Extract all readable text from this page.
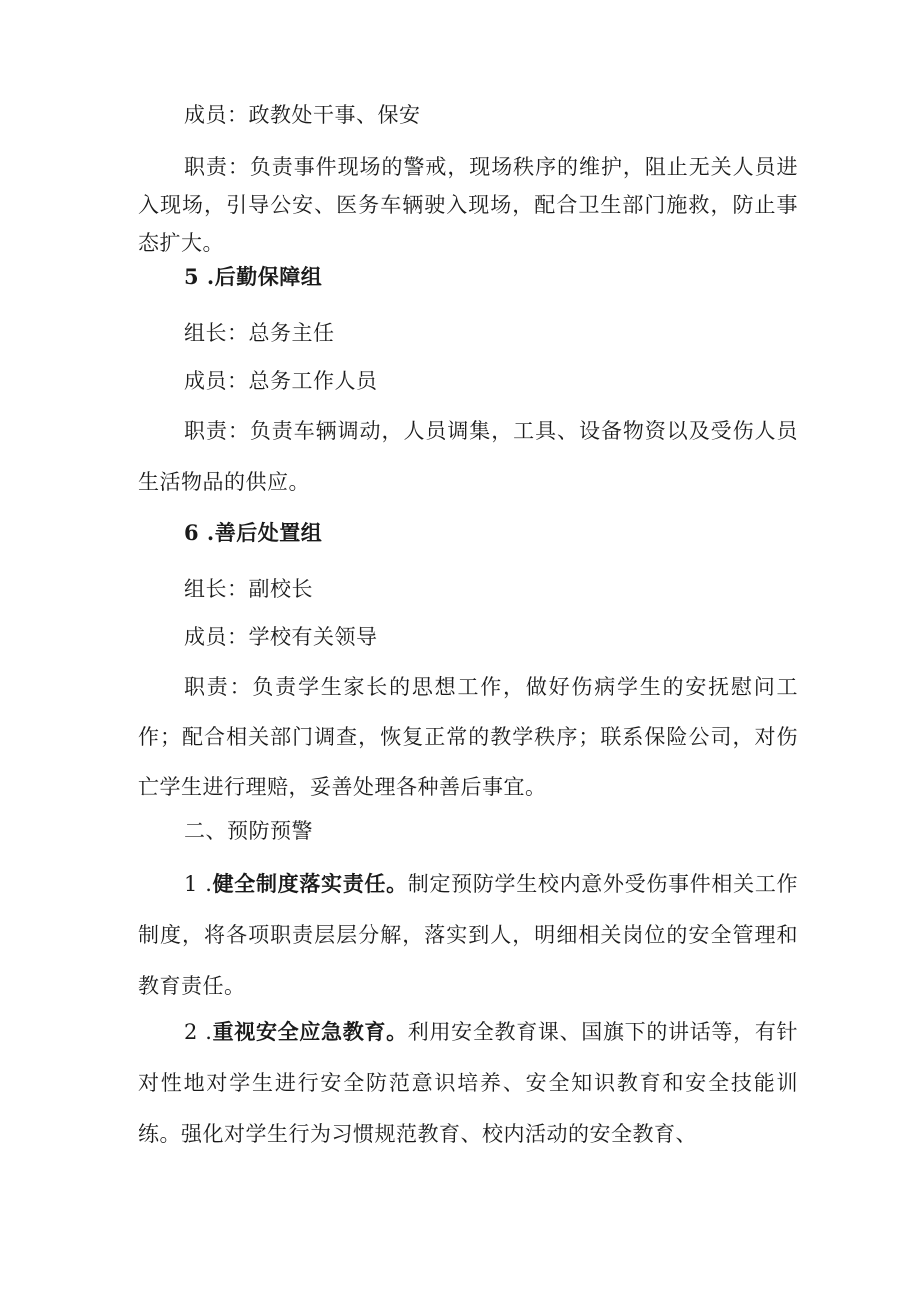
成员：政教处干事、保安

职责：负责事件现场的警戒，现场秩序的维护，阻止无关人员进入现场，引导公安、医务车辆驶入现场，配合卫生部门施救，防止事态扩大。

5 .后勤保障组

组长：总务主任

成员：总务工作人员

职责：负责车辆调动，人员调集，工具、设备物资以及受伤人员生活物品的供应。

6 .善后处置组

组长：副校长

成员：学校有关领导

职责：负责学生家长的思想工作，做好伤病学生的安抚慰问工作；配合相关部门调查，恢复正常的教学秩序；联系保险公司，对伤亡学生进行理赔，妥善处理各种善后事宜。

二、预防预警

1 .健全制度落实责任。制定预防学生校内意外受伤事件相关工作制度，将各项职责层层分解，落实到人，明细相关岗位的安全管理和教育责任。

2 .重视安全应急教育。利用安全教育课、国旗下的讲话等，有针对性地对学生进行安全防范意识培养、安全知识教育和安全技能训练。强化对学生行为习惯规范教育、校内活动的安全教育、
